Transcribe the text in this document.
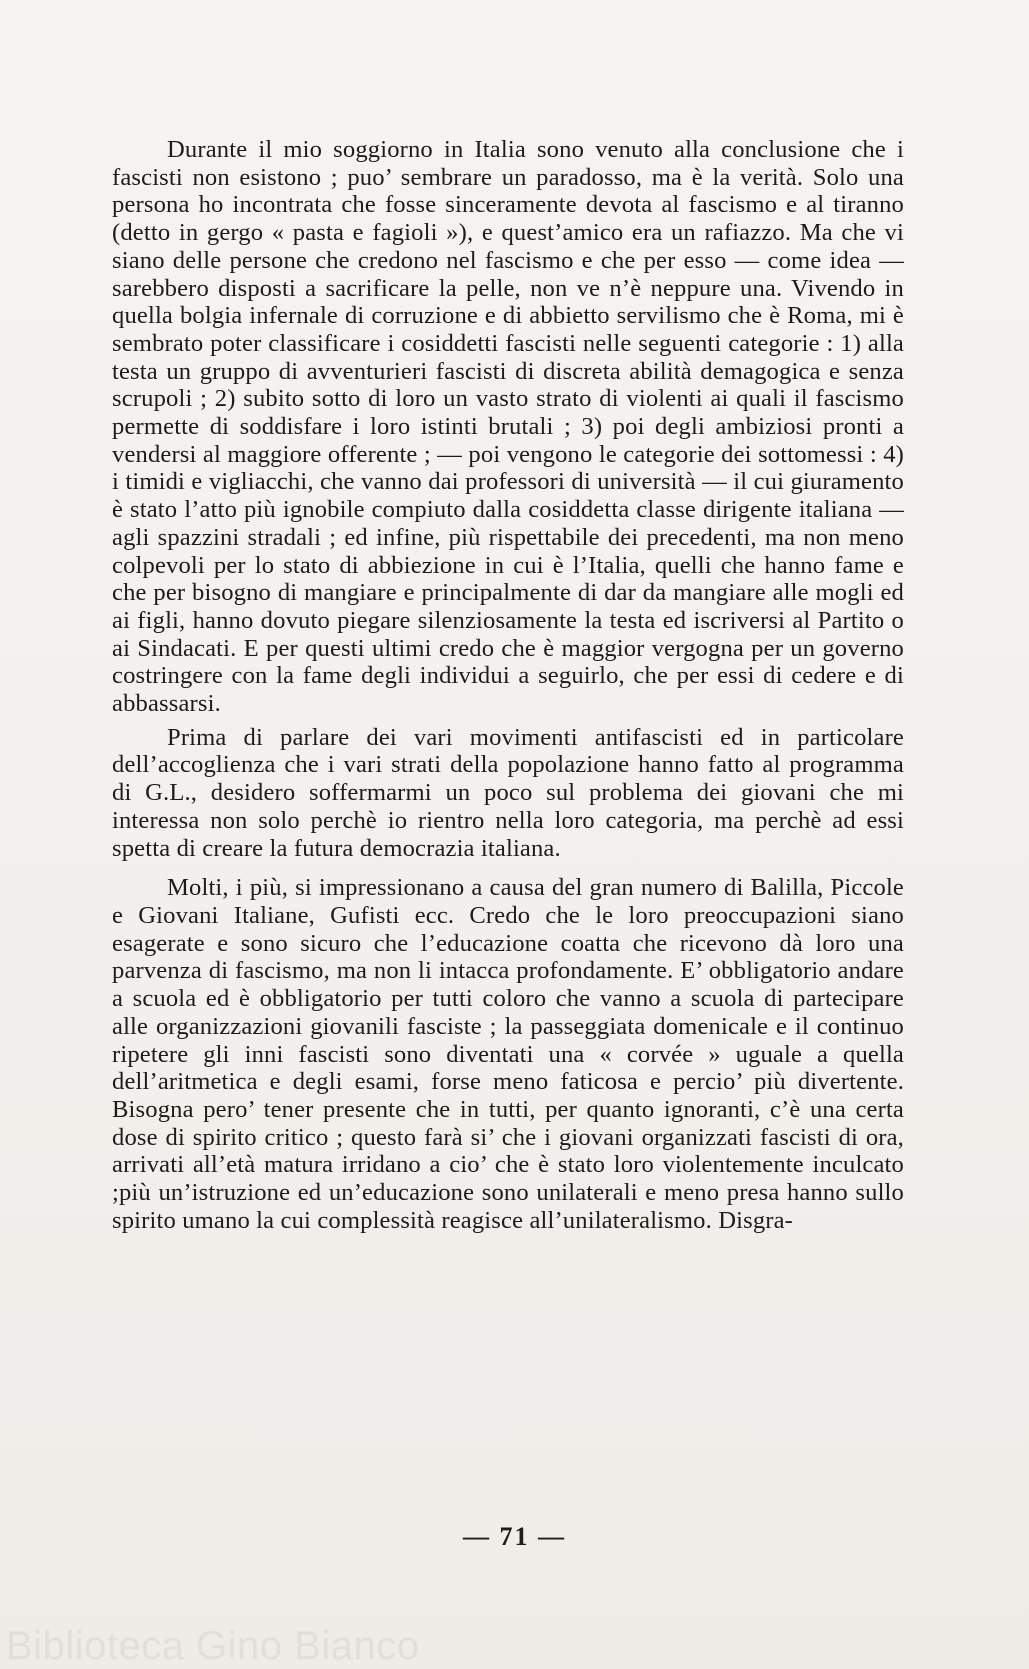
Durante il mio soggiorno in Italia sono venuto alla conclusione che i fascisti non esistono ; puo’ sembrare un paradosso, ma è la verità. Solo una persona ho incontrata che fosse sinceramente devota al fascismo e al tiranno (detto in gergo « pasta e fagioli »), e quest’amico era un rafiazzo. Ma che vi siano delle persone che credono nel fascismo e che per esso — come idea — sarebbero disposti a sacrificare la pelle, non ve n’è neppure una. Vivendo in quella bolgia infernale di corruzione e di abbietto servilismo che è Roma, mi è sembrato poter classificare i cosiddetti fascisti nelle seguenti categorie : 1) alla testa un gruppo di avventurieri fascisti di discreta abilità demagogica e senza scrupoli ; 2) subito sotto di loro un vasto strato di violenti ai quali il fascismo permette di soddisfare i loro istinti brutali ; 3) poi degli ambiziosi pronti a vendersi al maggiore offerente ; — poi vengono le categorie dei sottomessi : 4) i timidi e vigliacchi, che vanno dai professori di università — il cui giuramento è stato l’atto più ignobile compiuto dalla cosiddetta classe dirigente italiana — agli spazzini stradali ; ed infine, più rispettabile dei precedenti, ma non meno colpevoli per lo stato di abbiezione in cui è l’Italia, quelli che hanno fame e che per bisogno di mangiare e principalmente di dar da mangiare alle mogli ed ai figli, hanno dovuto piegare silenziosamente la testa ed iscriversi al Partito o ai Sindacati. E per questi ultimi credo che è maggior vergogna per un governo costringere con la fame degli individui a seguirlo, che per essi di cedere e di abbassarsi.

Prima di parlare dei vari movimenti antifascisti ed in particolare dell’accoglienza che i vari strati della popolazione hanno fatto al programma di G.L., desidero soffermarmi un poco sul problema dei giovani che mi interessa non solo perchè io rientro nella loro categoria, ma perchè ad essi spetta di creare la futura democrazia italiana.

Molti, i più, si impressionano a causa del gran numero di Balilla, Piccole e Giovani Italiane, Gufisti ecc. Credo che le loro preoccupazioni siano esagerate e sono sicuro che l’educazione coatta che ricevono dà loro una parvenza di fascismo, ma non li intacca profondamente. E’ obbligatorio andare a scuola ed è obbligatorio per tutti coloro che vanno a scuola di partecipare alle organizzazioni giovanili fasciste ; la passeggiata domenicale e il continuo ripetere gli inni fascisti sono diventati una « corvée » uguale a quella dell’aritmetica e degli esami, forse meno faticosa e percio’ più divertente. Bisogna pero’ tener presente che in tutti, per quanto ignoranti, c’è una certa dose di spirito critico ; questo farà si’ che i giovani organizzati fascisti di ora, arrivati all’età matura irridano a cio’ che è stato loro violentemente inculcato ;più un’istruzione ed un’educazione sono unilaterali e meno presa hanno sullo spirito umano la cui complessità reagisce all’unilateralismo. Disgra-

— 71 —
Biblioteca Gino Bianco
